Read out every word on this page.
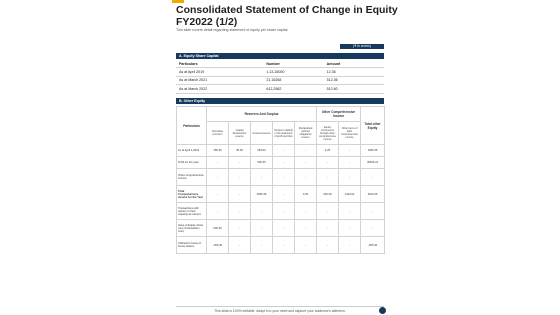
Consolidated Statement of Change in Equity FY2022 (1/2)
This slide covers detail regarding statement of equity per share capital.
(₹ In crores)
A. Equity Share Capital
Particulars	Number	Amount
As at April 2019	1,13,16000	12.36
As at March 2021	21,15268	512.36
As at March 2022	612,2582	512.60
B. Other Equity
Particulars	Reserves And Surplus					Other Comprehensive Income		Total other Equity
	Securities premium	Capital Redemption reserve	General reserve	Surplus / (deficit) in the statement of profit and loss	Reclassified defined obligations reserve	Equity instruments through other comprehensive income	Other items of other comprehensive income	
As at April 1,2019	155.36	35.36	253.60	-	-	4.25	-	1066.35
Profit for the year	-	-	536.35	-	-	-	-	40536.22
Other comprehensive income	-	-	-	-	-	-	-	-
Total Comprehensive income for the Year	-	-	4656.36	-	0.25	254.36	1423.64	4643.35
Transactions with owners in their capacity as owners	-	-	-	-	-	-	-	-
Issue of Equity share (net of transaction cost)	235.36	-	-	-	-	-	-	-
Utilized for Issue of bonus shares	-253.36	-	-	-	-	-	-	-365.36
This slide is 100% editable. Adapt it to your need and capture your audience's attention.
